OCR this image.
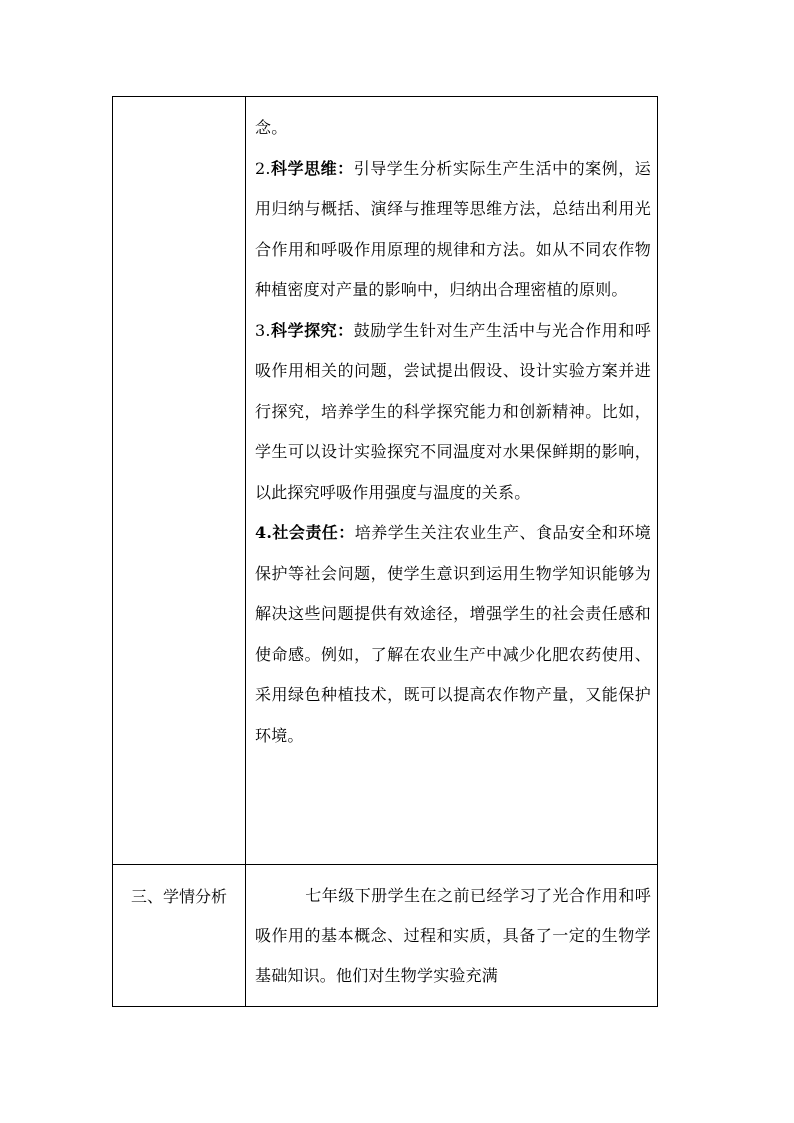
念。

2.科学思维：引导学生分析实际生产生活中的案例，运用归纳与概括、演绎与推理等思维方法，总结出利用光合作用和呼吸作用原理的规律和方法。如从不同农作物种植密度对产量的影响中，归纳出合理密植的原则。

3.科学探究：鼓励学生针对生产生活中与光合作用和呼吸作用相关的问题，尝试提出假设、设计实验方案并进行探究，培养学生的科学探究能力和创新精神。比如，学生可以设计实验探究不同温度对水果保鲜期的影响，以此探究呼吸作用强度与温度的关系。

4.社会责任：培养学生关注农业生产、食品安全和环境保护等社会问题，使学生意识到运用生物学知识能够为解决这些问题提供有效途径，增强学生的社会责任感和使命感。例如，了解在农业生产中减少化肥农药使用、采用绿色种植技术，既可以提高农作物产量，又能保护环境。

三、学情分析	七年级下册学生在之前已经学习了光合作用和呼吸作用的基本概念、过程和实质，具备了一定的生物学基础知识。他们对生物学实验充满
